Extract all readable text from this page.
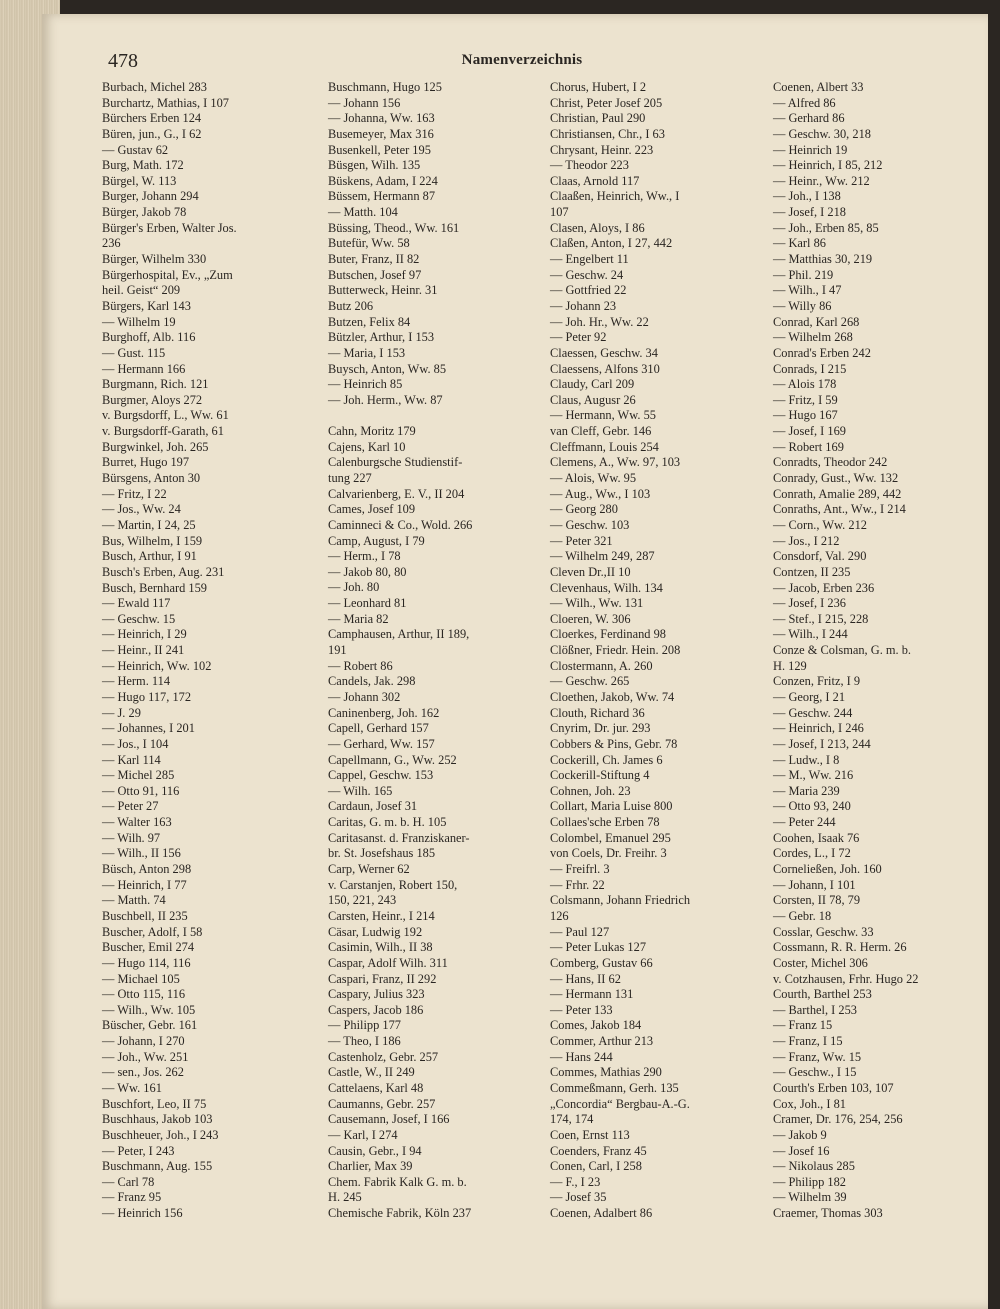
478	Namenverzeichnis
Burbach, Michel 283
Burchartz, Mathias, I 107
Bürchers Erben 124
Büren, jun., G., I 62
— Gustav 62
Burg, Math. 172
Bürgel, W. 113
Burger, Johann 294
Bürger, Jakob 78
Bürger's Erben, Walter Jos.
236
Bürger, Wilhelm 330
Bürgerhospital, Ev., „Zum
heil. Geist“ 209
Bürgers, Karl 143
— Wilhelm 19
Burghoff, Alb. 116
— Gust. 115
— Hermann 166
Burgmann, Rich. 121
Burgmer, Aloys 272
v. Burgsdorff, L., Ww. 61
v. Burgsdorff-Garath, 61
Burgwinkel, Joh. 265
Burret, Hugo 197
Bürsgens, Anton 30
— Fritz, I 22
— Jos., Ww. 24
— Martin, I 24, 25
Bus, Wilhelm, I 159
Busch, Arthur, I 91
Busch's Erben, Aug. 231
Busch, Bernhard 159
— Ewald 117
— Geschw. 15
— Heinrich, I 29
— Heinr., II 241
— Heinrich, Ww. 102
— Herm. 114
— Hugo 117, 172
— J. 29
— Johannes, I 201
— Jos., I 104
— Karl 114
— Michel 285
— Otto 91, 116
— Peter 27
— Walter 163
— Wilh. 97
— Wilh., II 156
Büsch, Anton 298
— Heinrich, I 77
— Matth. 74
Buschbell, II 235
Buscher, Adolf, I 58
Buscher, Emil 274
— Hugo 114, 116
— Michael 105
— Otto 115, 116
— Wilh., Ww. 105
Büscher, Gebr. 161
— Johann, I 270
— Joh., Ww. 251
— sen., Jos. 262
— Ww. 161
Buschfort, Leo, II 75
Buschhaus, Jakob 103
Buschheuer, Joh., I 243
— Peter, I 243
Buschmann, Aug. 155
— Carl 78
— Franz 95
— Heinrich 156
Buschmann, Hugo 125
— Johann 156
— Johanna, Ww. 163
Busemeyer, Max 316
Busenkell, Peter 195
Büsgen, Wilh. 135
Büskens, Adam, I 224
Büssem, Hermann 87
— Matth. 104
Büssing, Theod., Ww. 161
Butefür, Ww. 58
Buter, Franz, II 82
Butschen, Josef 97
Butterweck, Heinr. 31
Butz 206
Butzen, Felix 84
Bützler, Arthur, I 153
— Maria, I 153
Buysch, Anton, Ww. 85
— Heinrich 85
— Joh. Herm., Ww. 87
Cahn, Moritz 179
Cajens, Karl 10
Calenburgsche Studienstif-
tung 227
Calvarienberg, E. V., II 204
Cames, Josef 109
Caminneci & Co., Wold. 266
Camp, August, I 79
— Herm., I 78
— Jakob 80, 80
— Joh. 80
— Leonhard 81
— Maria 82
Camphausen, Arthur, II 189,
191
— Robert 86
Candels, Jak. 298
— Johann 302
Caninenberg, Joh. 162
Capell, Gerhard 157
— Gerhard, Ww. 157
Capellmann, G., Ww. 252
Cappel, Geschw. 153
— Wilh. 165
Cardaun, Josef 31
Caritas, G. m. b. H. 105
Caritasanst. d. Franziskaner-
br. St. Josefshaus 185
Carp, Werner 62
v. Carstanjen, Robert 150,
150, 221, 243
Carsten, Heinr., I 214
Cäsar, Ludwig 192
Casimin, Wilh., II 38
Caspar, Adolf Wilh. 311
Caspari, Franz, II 292
Caspary, Julius 323
Caspers, Jacob 186
— Philipp 177
— Theo, I 186
Castenholz, Gebr. 257
Castle, W., II 249
Cattelaens, Karl 48
Caumanns, Gebr. 257
Causemann, Josef, I 166
— Karl, I 274
Causin, Gebr., I 94
Charlier, Max 39
Chem. Fabrik Kalk G. m. b.
H. 245
Chemische Fabrik, Köln 237
Chorus, Hubert, I 2
Christ, Peter Josef 205
Christian, Paul 290
Christiansen, Chr., I 63
Chrysant, Heinr. 223
— Theodor 223
Claas, Arnold 117
Claaßen, Heinrich, Ww., I
107
Clasen, Aloys, I 86
Claßen, Anton, I 27, 442
— Engelbert 11
— Geschw. 24
— Gottfried 22
— Johann 23
— Joh. Hr., Ww. 22
— Peter 92
Claessen, Geschw. 34
Claessens, Alfons 310
Claudy, Carl 209
Claus, Augusr 26
— Hermann, Ww. 55
van Cleff, Gebr. 146
Cleffmann, Louis 254
Clemens, A., Ww. 97, 103
— Alois, Ww. 95
— Aug., Ww., I 103
— Georg 280
— Geschw. 103
— Peter 321
— Wilhelm 249, 287
Cleven Dr.,II 10
Clevenhaus, Wilh. 134
— Wilh., Ww. 131
Cloeren, W. 306
Cloerkes, Ferdinand 98
Clößner, Friedr. Hein. 208
Clostermann, A. 260
— Geschw. 265
Cloethen, Jakob, Ww. 74
Clouth, Richard 36
Cnyrim, Dr. jur. 293
Cobbers & Pins, Gebr. 78
Cockerill, Ch. James 6
Cockerill-Stiftung 4
Cohnen, Joh. 23
Collart, Maria Luise 800
Collaes'sche Erben 78
Colombel, Emanuel 295
von Coels, Dr. Freihr. 3
— Freifrl. 3
— Frhr. 22
Colsmann, Johann Friedrich
126
— Paul 127
— Peter Lukas 127
Comberg, Gustav 66
— Hans, II 62
— Hermann 131
— Peter 133
Comes, Jakob 184
Commer, Arthur 213
— Hans 244
Commes, Mathias 290
Commeßmann, Gerh. 135
„Concordia“ Bergbau-A.-G.
174, 174
Coen, Ernst 113
Coenders, Franz 45
Conen, Carl, I 258
— F., I 23
— Josef 35
Coenen, Adalbert 86
Coenen, Albert 33
— Alfred 86
— Gerhard 86
— Geschw. 30, 218
— Heinrich 19
— Heinrich, I 85, 212
— Heinr., Ww. 212
— Joh., I 138
— Josef, I 218
— Joh., Erben 85, 85
— Karl 86
— Matthias 30, 219
— Phil. 219
— Wilh., I 47
— Willy 86
Conrad, Karl 268
— Wilhelm 268
Conrad's Erben 242
Conrads, I 215
— Alois 178
— Fritz, I 59
— Hugo 167
— Josef, I 169
— Robert 169
Conradts, Theodor 242
Conrady, Gust., Ww. 132
Conrath, Amalie 289, 442
Conraths, Ant., Ww., I 214
— Corn., Ww. 212
— Jos., I 212
Consdorf, Val. 290
Contzen, II 235
— Jacob, Erben 236
— Josef, I 236
— Stef., I 215, 228
— Wilh., I 244
Conze & Colsman, G. m. b.
H. 129
Conzen, Fritz, I 9
— Georg, I 21
— Geschw. 244
— Heinrich, I 246
— Josef, I 213, 244
— Ludw., I 8
— M., Ww. 216
— Maria 239
— Otto 93, 240
— Peter 244
Coohen, Isaak 76
Cordes, L., I 72
Corneließen, Joh. 160
— Johann, I 101
Corsten, II 78, 79
— Gebr. 18
Cosslar, Geschw. 33
Cossmann, R. R. Herm. 26
Coster, Michel 306
v. Cotzhausen, Frhr. Hugo 22
Courth, Barthel 253
— Barthel, I 253
— Franz 15
— Franz, I 15
— Franz, Ww. 15
— Geschw., I 15
Courth's Erben 103, 107
Cox, Joh., I 81
Cramer, Dr. 176, 254, 256
— Jakob 9
— Josef 16
— Nikolaus 285
— Philipp 182
— Wilhelm 39
Craemer, Thomas 303
